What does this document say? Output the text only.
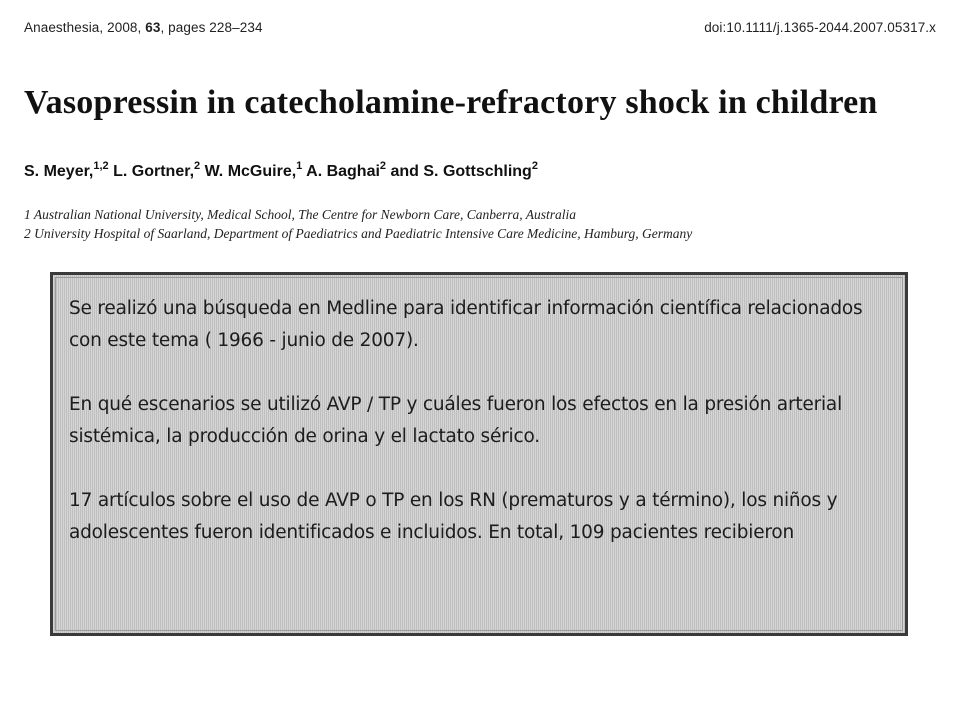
Anaesthesia, 2008, 63, pages 228–234	doi:10.1111/j.1365-2044.2007.05317.x
Vasopressin in catecholamine-refractory shock in children
S. Meyer,$^{1,2}$ L. Gortner,$^2$ W. McGuire,$^1$ A. Baghai$^2$ and S. Gottschling$^2$
1 Australian National University, Medical School, The Centre for Newborn Care, Canberra, Australia
2 University Hospital of Saarland, Department of Paediatrics and Paediatric Intensive Care Medicine, Hamburg, Germany

Se realizó una búsqueda en Medline para identificar información científica relacionados con este tema ( 1966 - junio de 2007).

En qué escenarios se utilizó AVP / TP y cuáles fueron los efectos en la presión arterial sistémica, la producción de orina y el lactato sérico.

17 artículos sobre el uso de AVP o TP en los RN (prematuros y a término), los niños y adolescentes fueron identificados e incluidos. En total, 109 pacientes recibieron
